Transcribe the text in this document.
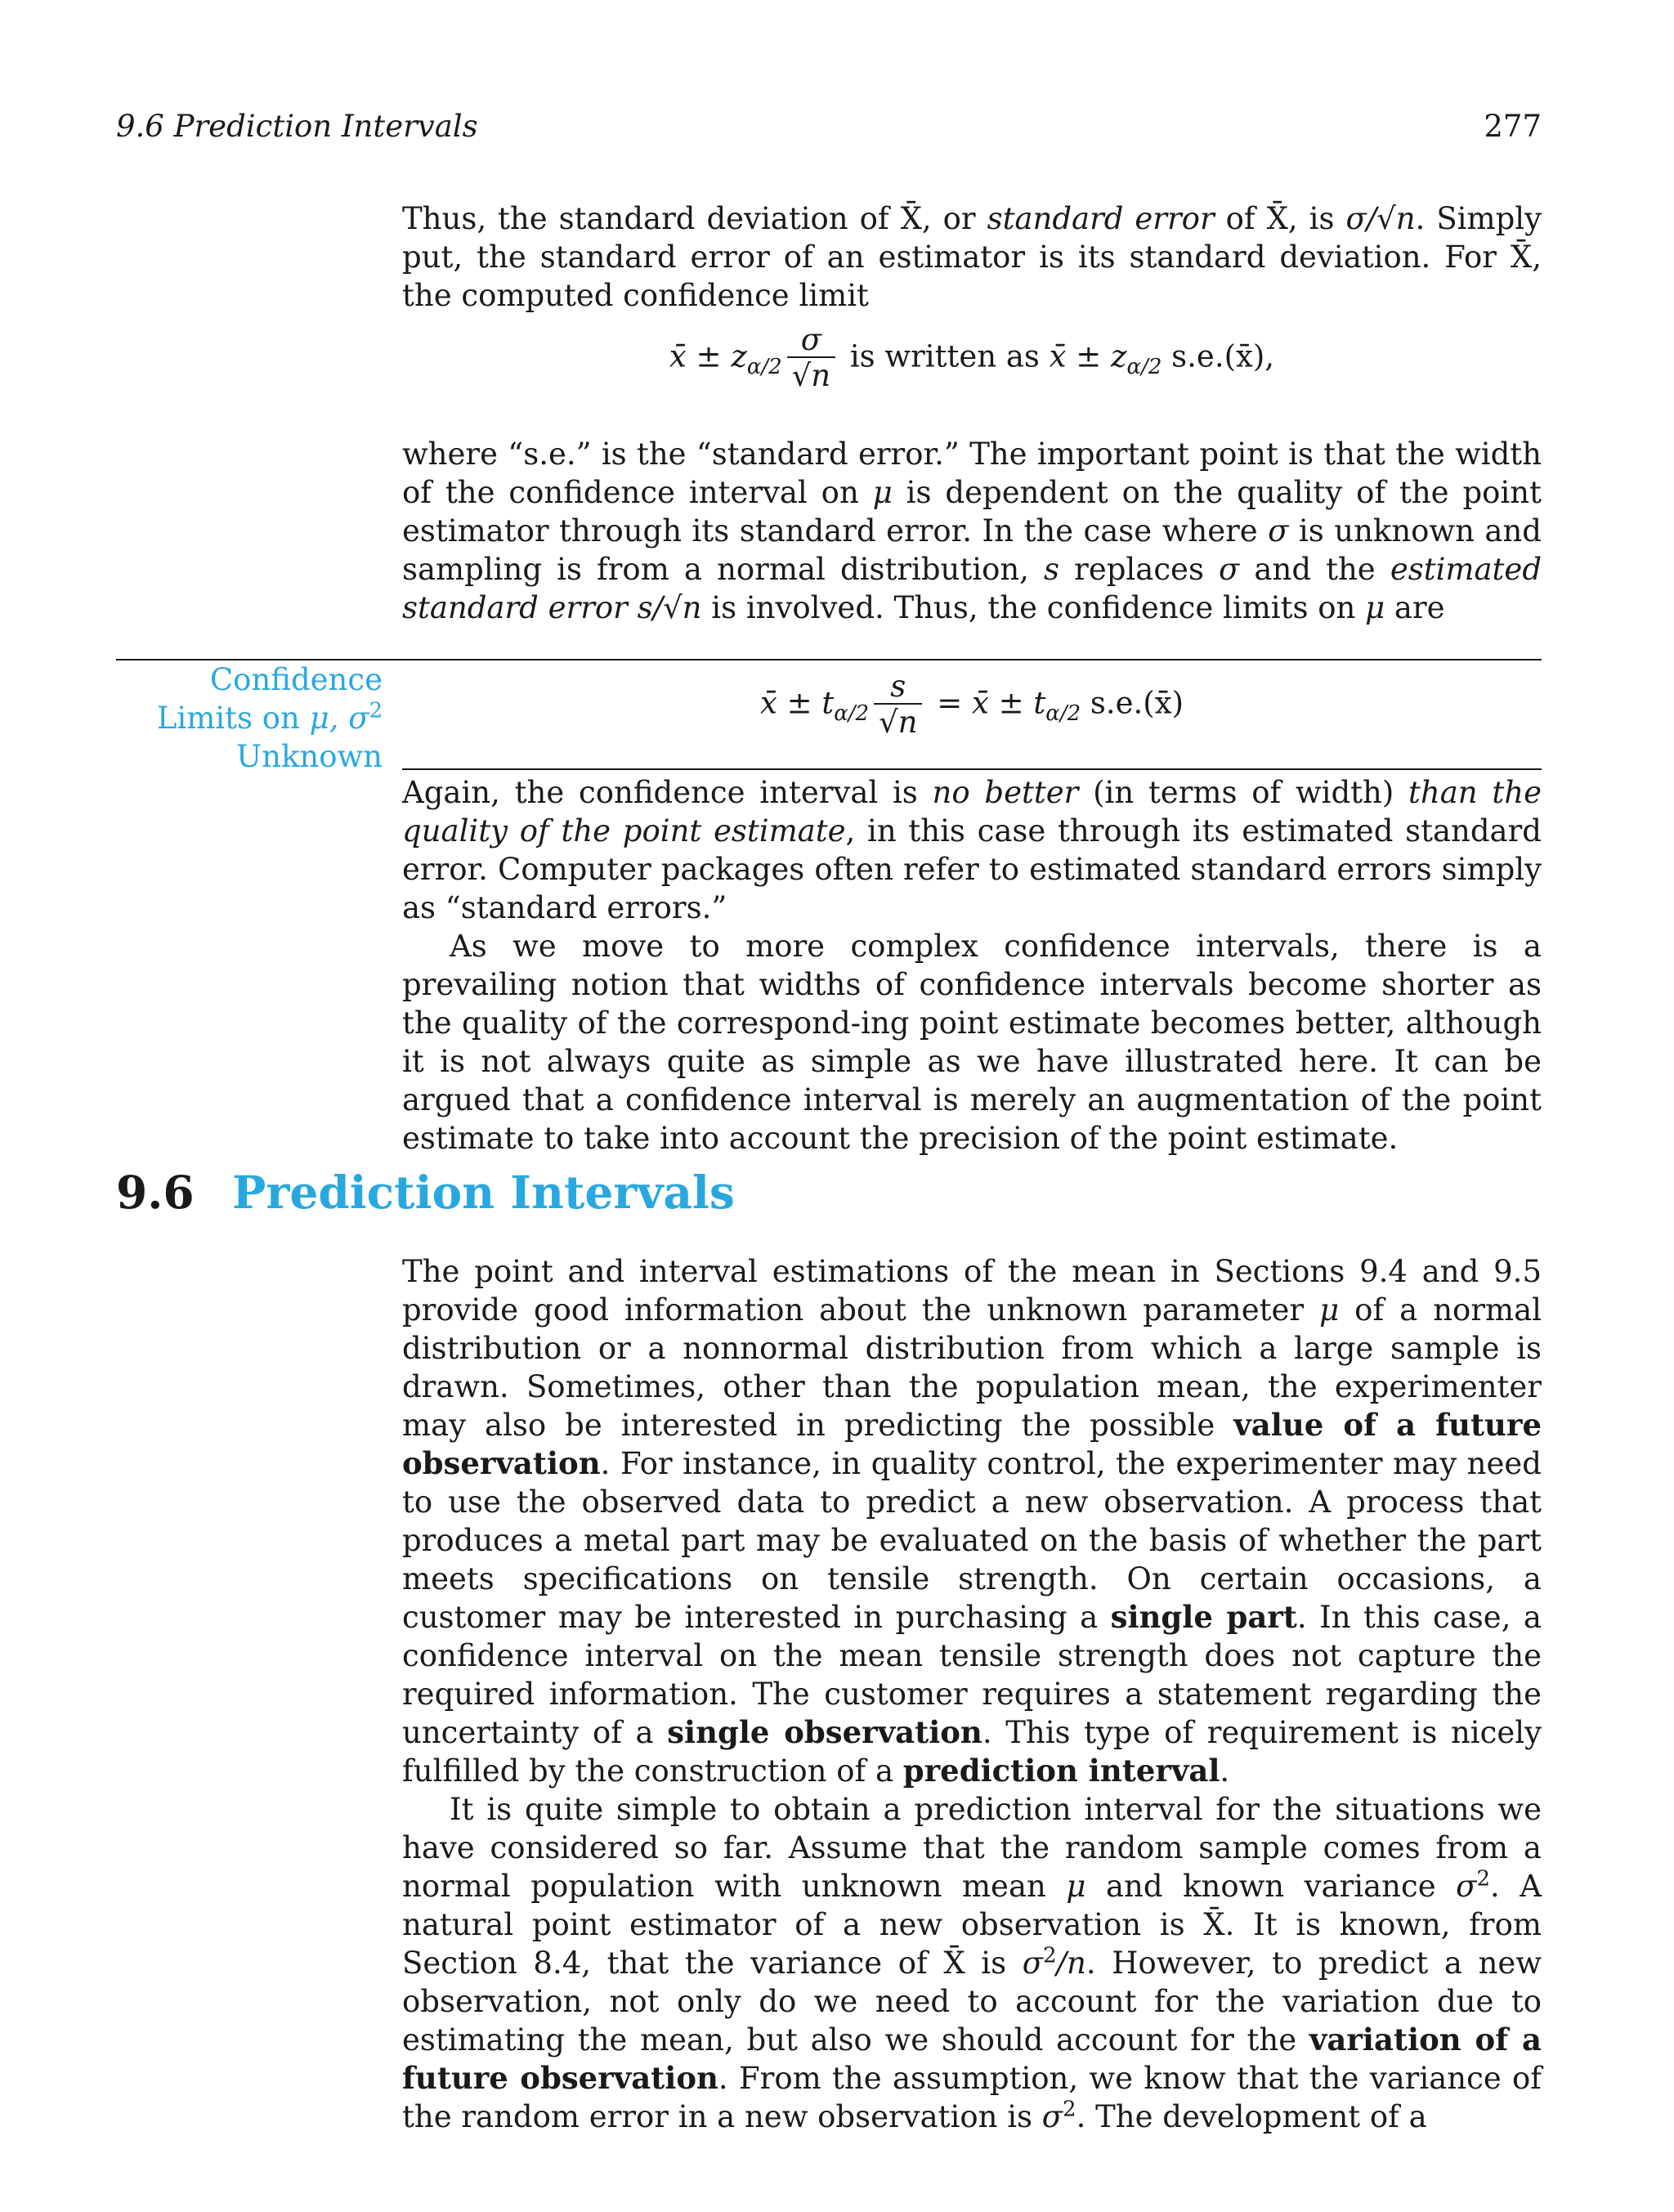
9.6 Prediction Intervals	277

Thus, the standard deviation of X̄, or standard error of X̄, is σ/√n. Simply put, the standard error of an estimator is its standard deviation. For X̄, the computed confidence limit

x̄ ± $z_{\alpha/2} \frac{\sigma}{√n}$ is written as x̄ ± $z_{\alpha/2}$ s.e.(x̄),

where “s.e.” is the “standard error.” The important point is that the width of the confidence interval on μ is dependent on the quality of the point estimator through its standard error. In the case where σ is unknown and sampling is from a normal distribution, s replaces σ and the estimated standard error s/√n is involved. Thus, the confidence limits on μ are

Confidence
Limits on μ, $\sigma^2$
Unknown
x̄ ± $t_{\alpha/2} \frac{s}{√n}$ = x̄ ± $t_{\alpha/2}$ s.e.(x̄)

Again, the confidence interval is no better (in terms of width) than the quality of the point estimate, in this case through its estimated standard error. Computer packages often refer to estimated standard errors simply as “standard errors.”

As we move to more complex confidence intervals, there is a prevailing notion that widths of confidence intervals become shorter as the quality of the correspond-ing point estimate becomes better, although it is not always quite as simple as we have illustrated here. It can be argued that a confidence interval is merely an augmentation of the point estimate to take into account the precision of the point estimate.

9.6 Prediction Intervals

The point and interval estimations of the mean in Sections 9.4 and 9.5 provide good information about the unknown parameter μ of a normal distribution or a nonnormal distribution from which a large sample is drawn. Sometimes, other than the population mean, the experimenter may also be interested in predicting the possible value of a future observation. For instance, in quality control, the experimenter may need to use the observed data to predict a new observation. A process that produces a metal part may be evaluated on the basis of whether the part meets specifications on tensile strength. On certain occasions, a customer may be interested in purchasing a single part. In this case, a confidence interval on the mean tensile strength does not capture the required information. The customer requires a statement regarding the uncertainty of a single observation. This type of requirement is nicely fulfilled by the construction of a prediction interval.

It is quite simple to obtain a prediction interval for the situations we have considered so far. Assume that the random sample comes from a normal population with unknown mean μ and known variance $\sigma^2$. A natural point estimator of a new observation is X̄. It is known, from Section 8.4, that the variance of X̄ is $\sigma^2/n$. However, to predict a new observation, not only do we need to account for the variation due to estimating the mean, but also we should account for the variation of a future observation. From the assumption, we know that the variance of the random error in a new observation is $\sigma^2$. The development of a
